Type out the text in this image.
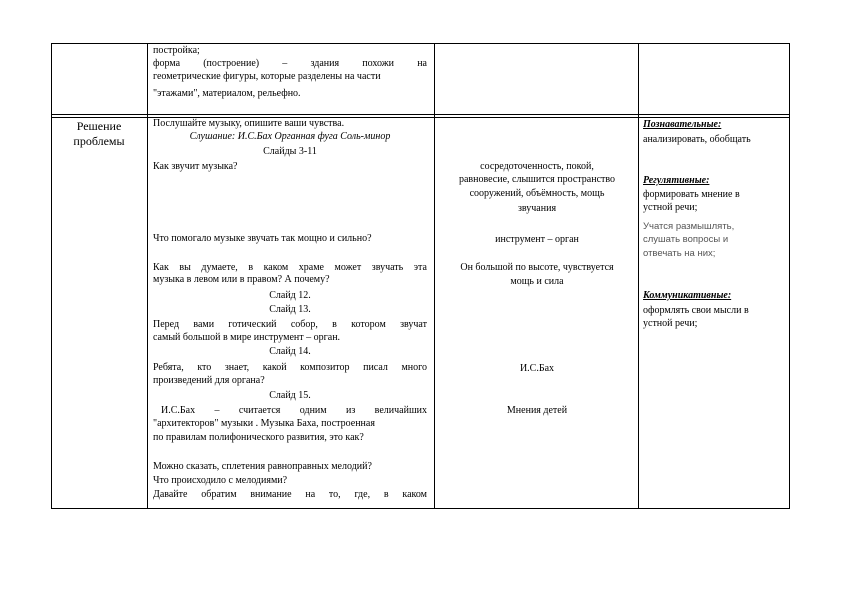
постройка;
форма (построение) – здания похожи на
геометрические фигуры, которые разделены на части
"этажами", материалом, рельефно.
Решение
проблемы
Послушайте музыку, опишите ваши чувства.
Слушание: И.С.Бах Органная фуга Соль-минор
Слайды 3-11
Как звучит музыка?
Что помогало музыке звучать так мощно и сильно?
Как вы думаете, в каком храме может звучать эта
музыка в левом или в правом? А почему?
Слайд 12.
Слайд 13.
Перед вами готический собор, в котором звучат
самый большой в мире инструмент – орган.
Слайд 14.
Ребята, кто знает, какой композитор писал много
произведений для органа?
Слайд 15.
И.С.Бах – считается одним из величайших
"архитекторов" музыки . Музыка Баха, построенная
по правилам полифонического развития, это как?
Можно сказать, сплетения равноправных мелодий?
Что происходило с мелодиями?
Давайте обратим внимание на то, где, в каком
сосредоточенность, покой,
равновесие, слышится пространство
сооружений, объёмность, мощь
звучания
инструмент – орган
Он большой по высоте, чувствуется
мощь и сила
И.С.Бах
Мнения детей
Познавательные:
анализировать, обобщать
Регулятивные:
формировать мнение в
устной речи;
Учатся размышлять,
слушать вопросы и
отвечать на них;
Коммуникативные:
оформлять свои мысли в
устной речи;
